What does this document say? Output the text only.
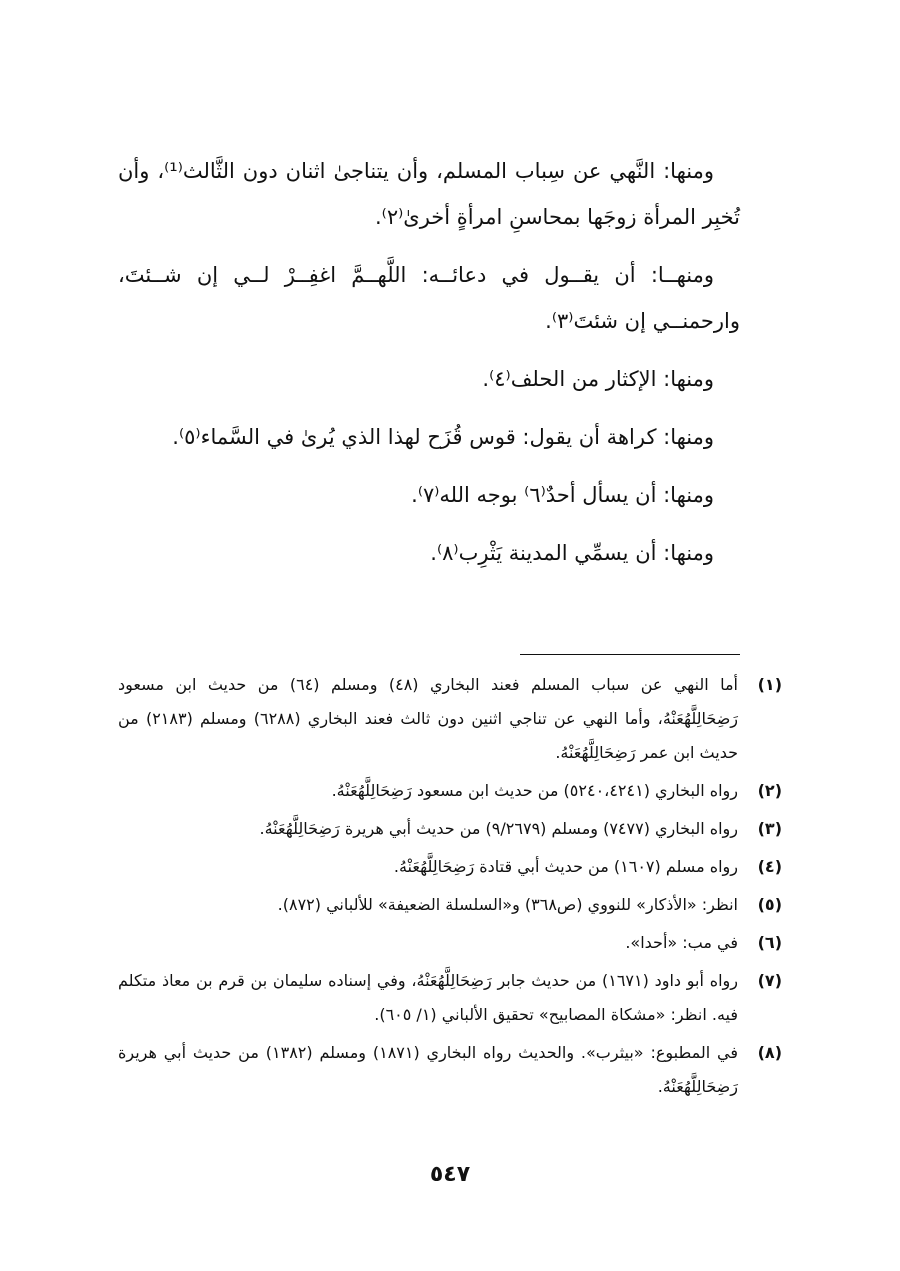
ومنها: النَّهي عن سِباب المسلم، وأن يتناجىٰ اثنان دون الثَّالث⁽¹⁾، وأن تُخبِر المرأة زوجَها بمحاسنِ امرأةٍ أخرىٰ⁽٢⁾.

ومنهــا: أن يقــول في دعائــه: اللَّهــمَّ اغفِــرْ لــي إن شــئتَ، وارحمنــي إن شئتَ⁽٣⁾.

ومنها: الإكثار من الحلف⁽٤⁾.

ومنها: كراهة أن يقول: قوس قُزَح لهذا الذي يُرىٰ في السَّماء⁽٥⁾.

ومنها: أن يسأل أحدٌ⁽٦⁾ بوجه الله⁽٧⁾.

ومنها: أن يسمِّي المدينة يَثْرِب⁽٨⁾.

(١)
أما النهي عن سباب المسلم فعند البخاري (٤٨) ومسلم (٦٤) من حديث ابن مسعود رَضِحَالِلَّهُعَنْهُ، وأما النهي عن تناجي اثنين دون ثالث فعند البخاري (٦٢٨٨) ومسلم (٢١٨٣) من حديث ابن عمر رَضِحَالِلَّهُعَنْهُ.
(٢)
رواه البخاري (٥٢٤٠،٤٢٤١) من حديث ابن مسعود رَضِحَالِلَّهُعَنْهُ.
(٣)
رواه البخاري (٧٤٧٧) ومسلم (٩/٢٦٧٩) من حديث أبي هريرة رَضِحَالِلَّهُعَنْهُ.
(٤)
رواه مسلم (١٦٠٧) من حديث أبي قتادة رَضِحَالِلَّهُعَنْهُ.
(٥)
انظر: «الأذكار» للنووي (ص٣٦٨) و«السلسلة الضعيفة» للألباني (٨٧٢).
(٦)
في مب: «أحدا».
(٧)
رواه أبو داود (١٦٧١) من حديث جابر رَضِحَالِلَّهُعَنْهُ، وفي إسناده سليمان بن قرم بن معاذ متكلم فيه. انظر: «مشكاة المصابيح» تحقيق الألباني (١/ ٦٠٥).
(٨)
في المطبوع: «بيثرب». والحديث رواه البخاري (١٨٧١) ومسلم (١٣٨٢) من حديث أبي هريرة رَضِحَالِلَّهُعَنْهُ.
٥٤٧
